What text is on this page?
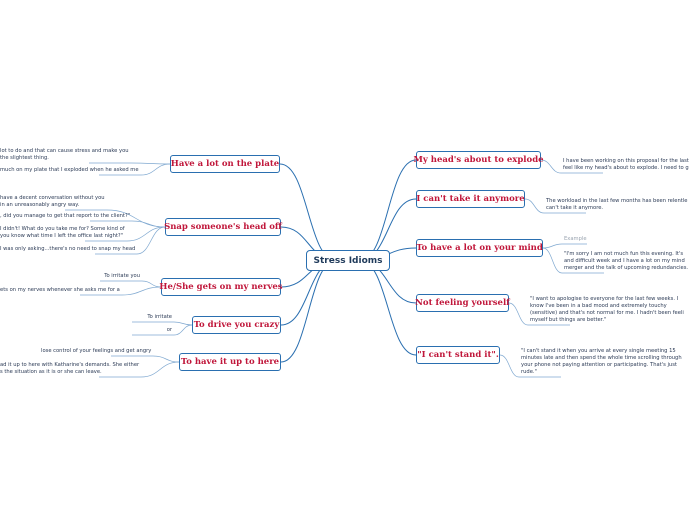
Stress Idioms
My head's about to explode
I can't take it anymore
To have a lot on your mind
Not feeling yourself
"I can't stand it".
Have a lot on the plate
Snap someone's head off
He/She gets on my nerves
To drive you crazy
To have it up to here
I have been working on this proposal for the last
feel like my head's about to explode. I need to g
The workload in the last few months has been relentle
can't take it anymore.
Example
"I'm sorry I am not much fun this evening. It's
and difficult week and I have a lot on my mind
merger and the talk of upcoming redundancies.
"I want to apologise to everyone for the last few weeks. I
know I've been in a bad mood and extremely touchy
(sensitive) and that's not normal for me. I hadn't been feeli
myself but things are better."
"I can't stand it when you arrive at every single meeting 15
minutes late and then spend the whole time scrolling through
your phone not paying attention or participating. That's just
rude."
lot to do and that can cause stress and make you
the slightest thing.
much on my plate that I exploded when he asked me
have a decent conversation without you
in an unreasonably angry way.
, did you manage to get that report to the client?"
I didn't! What do you take me for? Some kind of
you know what time I left the office last night?"
I was only asking...there's no need to snap my head
To irritate you
ets on my nerves whenever she asks me for a
To irritate
or
lose control of your feelings and get angry
ad it up to here with Katharine's demands. She either
s the situation as it is or she can leave.
